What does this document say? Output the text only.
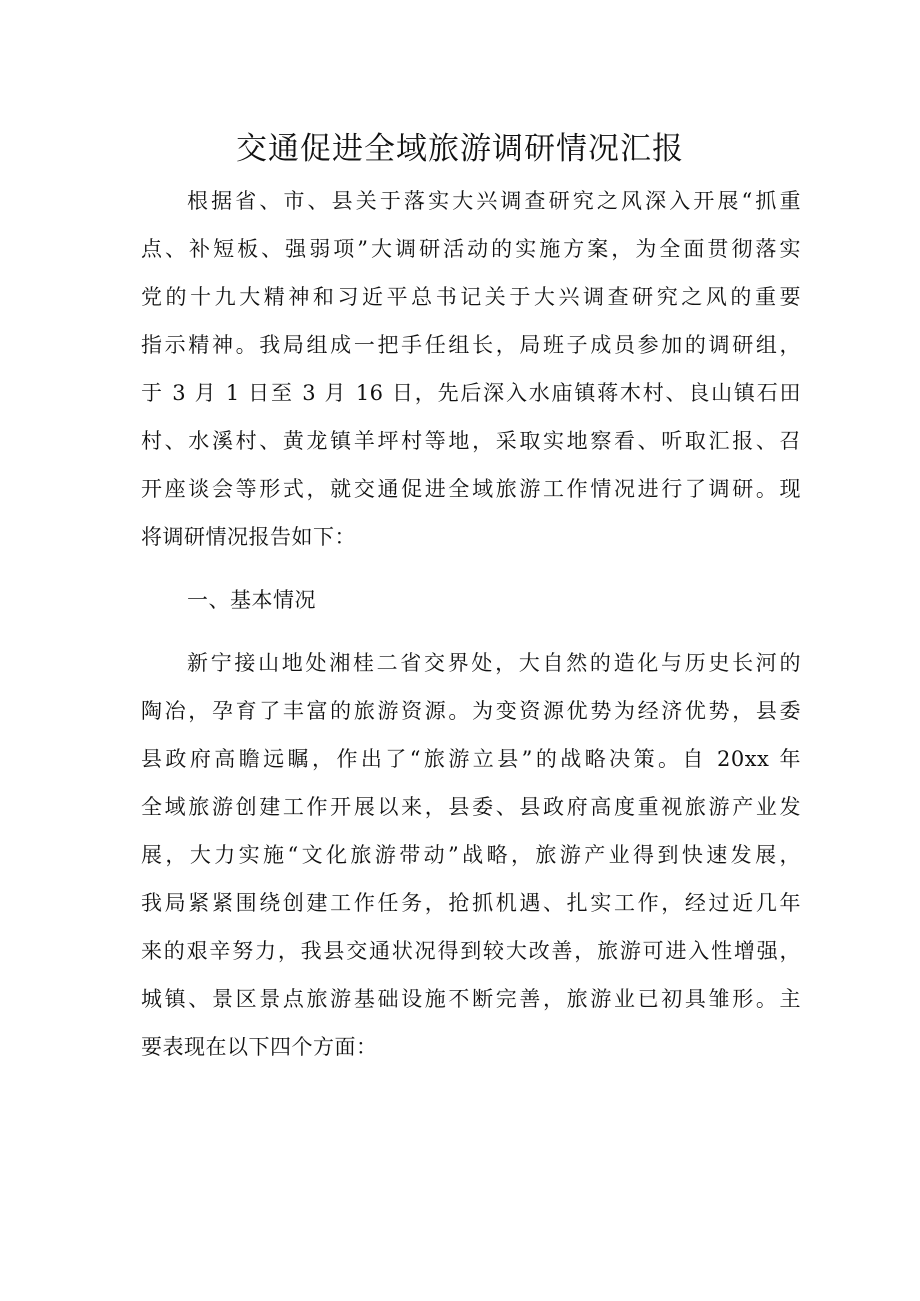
交通促进全域旅游调研情况汇报
根据省、市、县关于落实大兴调查研究之风深入开展“抓重
点、补短板、强弱项”大调研活动的实施方案，为全面贯彻落实
党的十九大精神和习近平总书记关于大兴调查研究之风的重要
指示精神。我局组成一把手任组长，局班子成员参加的调研组，
于 3 月 1 日至 3 月 16 日，先后深入水庙镇蒋木村、良山镇石田
村、水溪村、黄龙镇羊坪村等地，采取实地察看、听取汇报、召
开座谈会等形式，就交通促进全域旅游工作情况进行了调研。现
将调研情况报告如下：
一、基本情况
新宁接山地处湘桂二省交界处，大自然的造化与历史长河的
陶冶，孕育了丰富的旅游资源。为变资源优势为经济优势，县委
县政府高瞻远瞩，作出了“旅游立县”的战略决策。自 20xx 年
全域旅游创建工作开展以来，县委、县政府高度重视旅游产业发
展，大力实施“文化旅游带动”战略，旅游产业得到快速发展，
我局紧紧围绕创建工作任务，抢抓机遇、扎实工作，经过近几年
来的艰辛努力，我县交通状况得到较大改善，旅游可进入性增强，
城镇、景区景点旅游基础设施不断完善，旅游业已初具雏形。主
要表现在以下四个方面：
